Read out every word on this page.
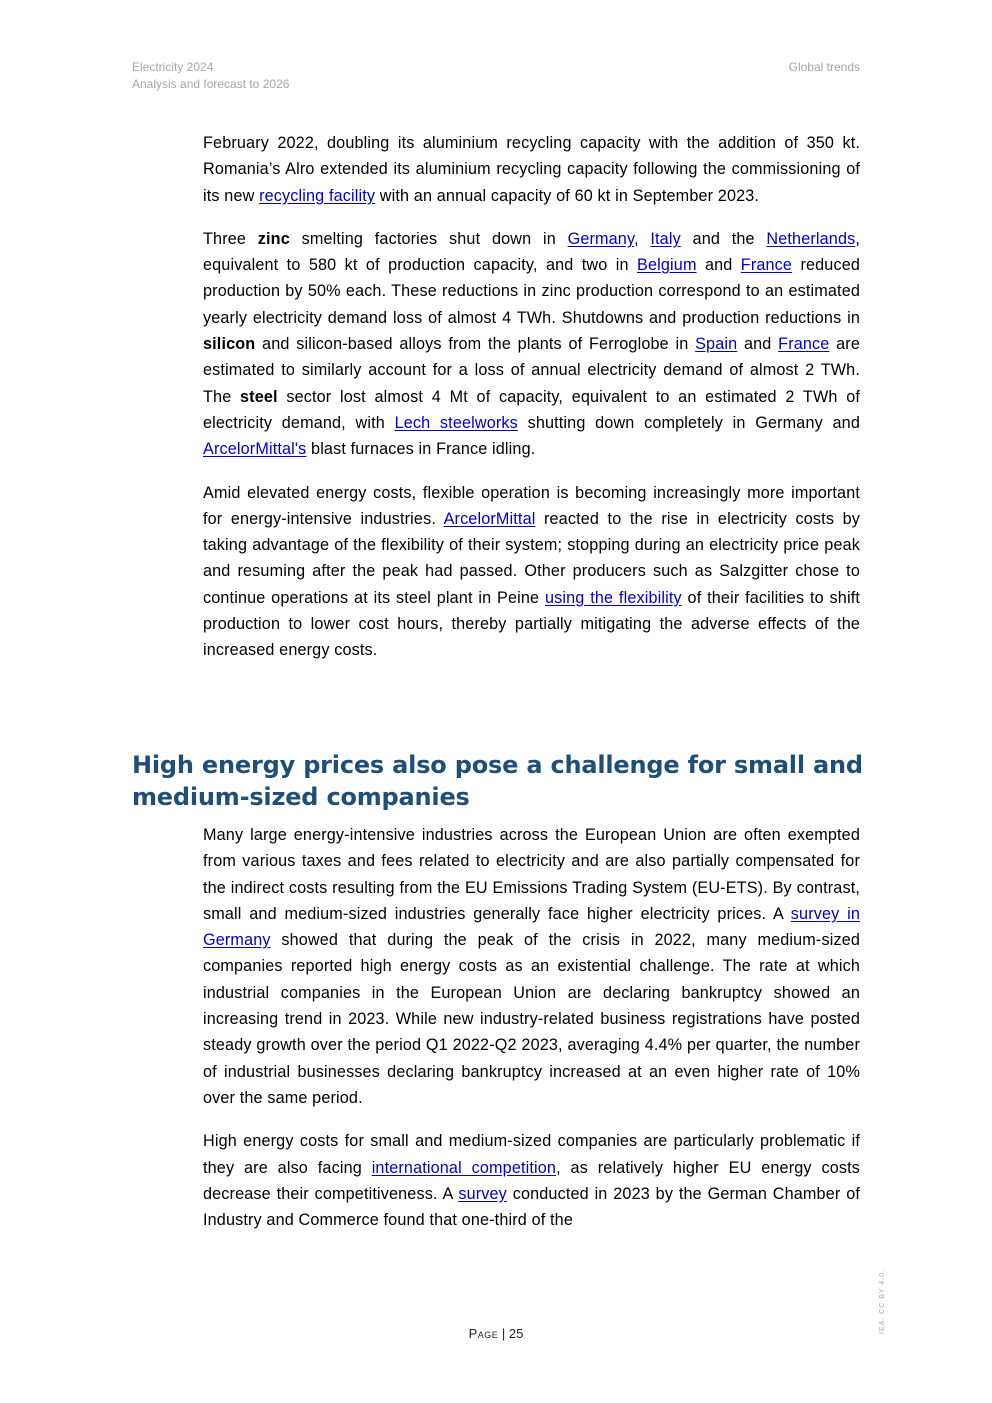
Electricity 2024
Analysis and forecast to 2026
Global trends

February 2022, doubling its aluminium recycling capacity with the addition of 350 kt. Romania’s Alro extended its aluminium recycling capacity following the commissioning of its new recycling facility with an annual capacity of 60 kt in September 2023.

Three zinc smelting factories shut down in Germany, Italy and the Netherlands, equivalent to 580 kt of production capacity, and two in Belgium and France reduced production by 50% each. These reductions in zinc production correspond to an estimated yearly electricity demand loss of almost 4 TWh. Shutdowns and production reductions in silicon and silicon-based alloys from the plants of Ferroglobe in Spain and France are estimated to similarly account for a loss of annual electricity demand of almost 2 TWh. The steel sector lost almost 4 Mt of capacity, equivalent to an estimated 2 TWh of electricity demand, with Lech steelworks shutting down completely in Germany and ArcelorMittal's blast furnaces in France idling.

Amid elevated energy costs, flexible operation is becoming increasingly more important for energy-intensive industries. ArcelorMittal reacted to the rise in electricity costs by taking advantage of the flexibility of their system; stopping during an electricity price peak and resuming after the peak had passed. Other producers such as Salzgitter chose to continue operations at its steel plant in Peine using the flexibility of their facilities to shift production to lower cost hours, thereby partially mitigating the adverse effects of the increased energy costs.

High energy prices also pose a challenge for small and medium-sized companies

Many large energy-intensive industries across the European Union are often exempted from various taxes and fees related to electricity and are also partially compensated for the indirect costs resulting from the EU Emissions Trading System (EU-ETS). By contrast, small and medium-sized industries generally face higher electricity prices. A survey in Germany showed that during the peak of the crisis in 2022, many medium-sized companies reported high energy costs as an existential challenge. The rate at which industrial companies in the European Union are declaring bankruptcy showed an increasing trend in 2023. While new industry-related business registrations have posted steady growth over the period Q1 2022-Q2 2023, averaging 4.4% per quarter, the number of industrial businesses declaring bankruptcy increased at an even higher rate of 10% over the same period.

High energy costs for small and medium-sized companies are particularly problematic if they are also facing international competition, as relatively higher EU energy costs decrease their competitiveness. A survey conducted in 2023 by the German Chamber of Industry and Commerce found that one-third of the

Page | 25	IEA. CC BY 4.0.
